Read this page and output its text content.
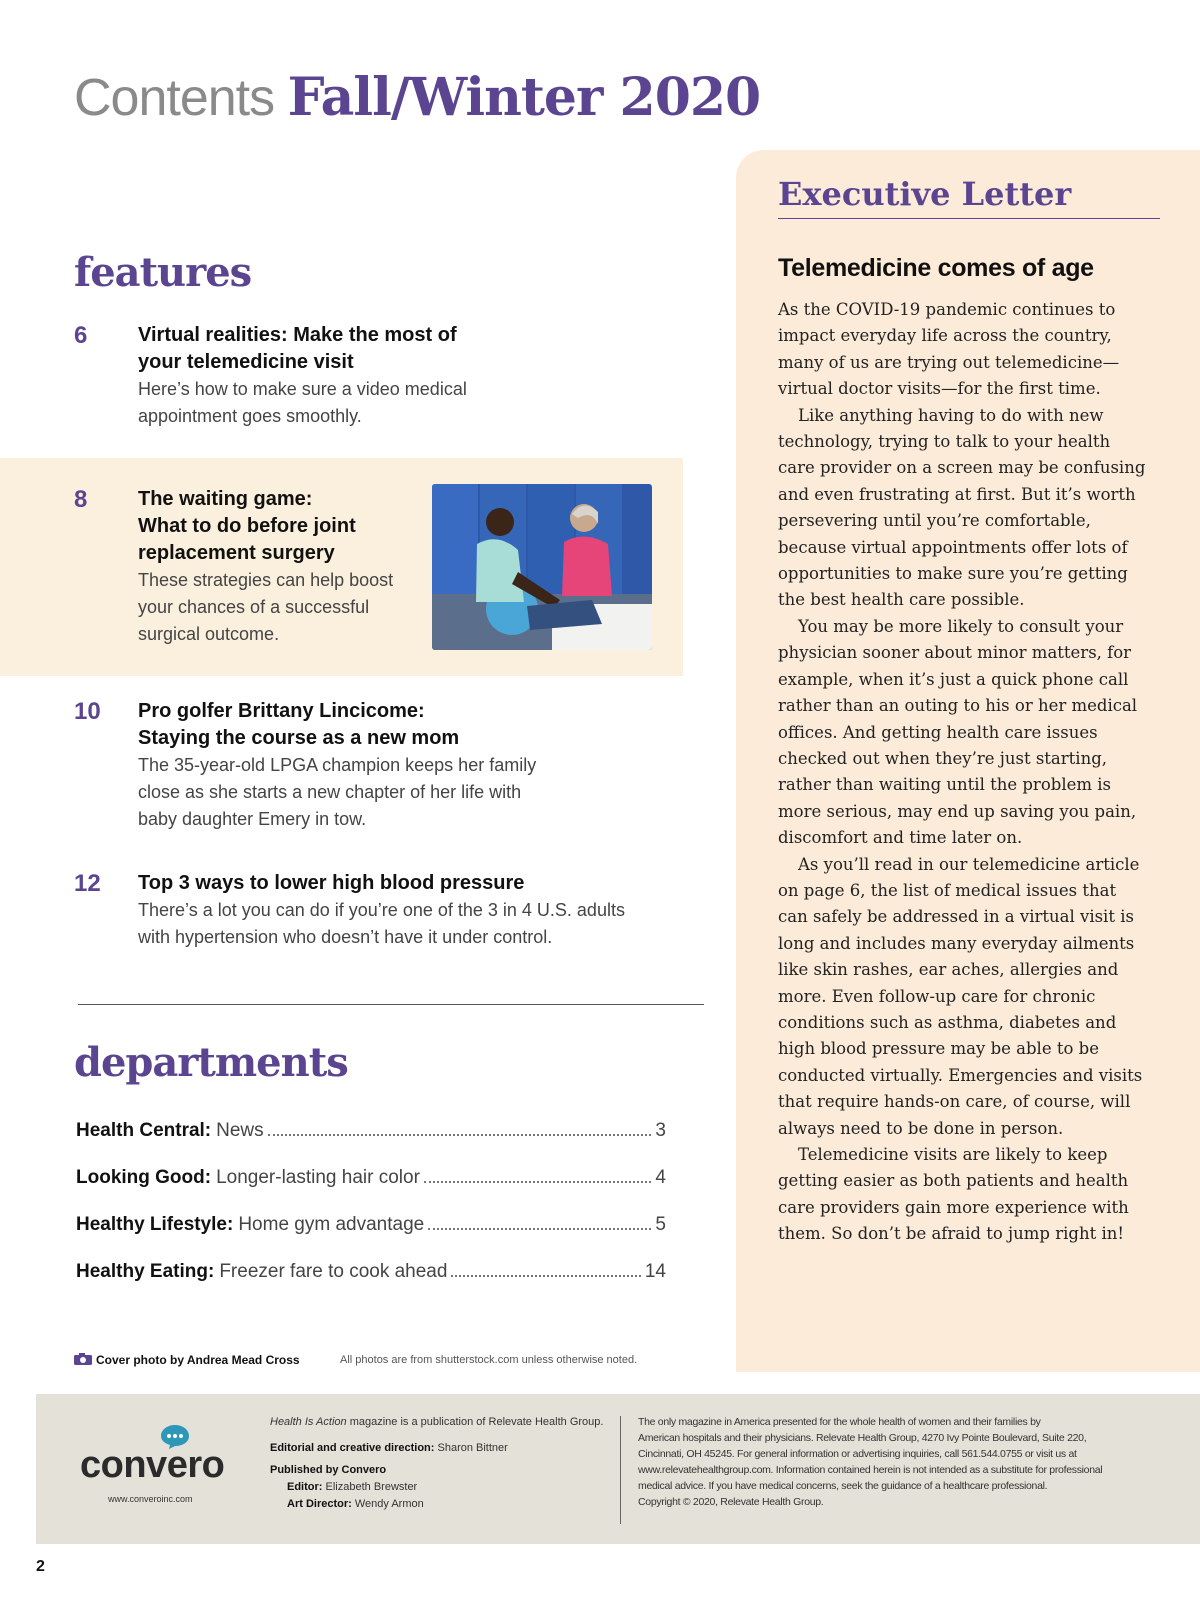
Contents Fall/Winter 2020
features
6	Virtual realities: Make the most of
your telemedicine visit
Here’s how to make sure a video medical
appointment goes smoothly.
8	The waiting game:
What to do before joint
replacement surgery
These strategies can help boost
your chances of a successful
surgical outcome.
10	Pro golfer Brittany Lincicome:
Staying the course as a new mom
The 35-year-old LPGA champion keeps her family
close as she starts a new chapter of her life with
baby daughter Emery in tow.
12	Top 3 ways to lower high blood pressure
There’s a lot you can do if you’re one of the 3 in 4 U.S. adults
with hypertension who doesn’t have it under control.
departments
Health Central: News	3
Looking Good: Longer-lasting hair color	4
Healthy Lifestyle: Home gym advantage	5
Healthy Eating: Freezer fare to cook ahead	14
Cover photo by Andrea Mead Cross	All photos are from shutterstock.com unless otherwise noted.
Executive Letter
Telemedicine comes of age

As the COVID-19 pandemic continues to impact everyday life across the country, many of us are trying out telemedicine—virtual doctor visits—for the first time.

Like anything having to do with new technology, trying to talk to your health care provider on a screen may be confusing and even frustrating at first. But it’s worth persevering until you’re comfortable, because virtual appointments offer lots of opportunities to make sure you’re getting the best health care possible.

You may be more likely to consult your physician sooner about minor matters, for example, when it’s just a quick phone call rather than an outing to his or her medical offices. And getting health care issues checked out when they’re just starting, rather than waiting until the problem is more serious, may end up saving you pain, discomfort and time later on.

As you’ll read in our telemedicine article on page 6, the list of medical issues that can safely be addressed in a virtual visit is long and includes many everyday ailments like skin rashes, ear aches, allergies and more. Even follow-up care for chronic conditions such as asthma, diabetes and high blood pressure may be able to be conducted virtually. Emergencies and visits that require hands-on care, of course, will always need to be done in person.

Telemedicine visits are likely to keep getting easier as both patients and health care providers gain more experience with them. So don’t be afraid to jump right in!

convero
www.converoinc.com
Health Is Action magazine is a publication of Relevate Health Group.
Editorial and creative direction: Sharon Bittner
Published by Convero
Editor: Elizabeth Brewster
Art Director: Wendy Armon
The only magazine in America presented for the whole health of women and their families by
American hospitals and their physicians. Relevate Health Group, 4270 Ivy Pointe Boulevard, Suite 220,
Cincinnati, OH 45245. For general information or advertising inquiries, call 561.544.0755 or visit us at
www.relevatehealthgroup.com. Information contained herein is not intended as a substitute for professional
medical advice. If you have medical concerns, seek the guidance of a healthcare professional.
Copyright © 2020, Relevate Health Group.
2
